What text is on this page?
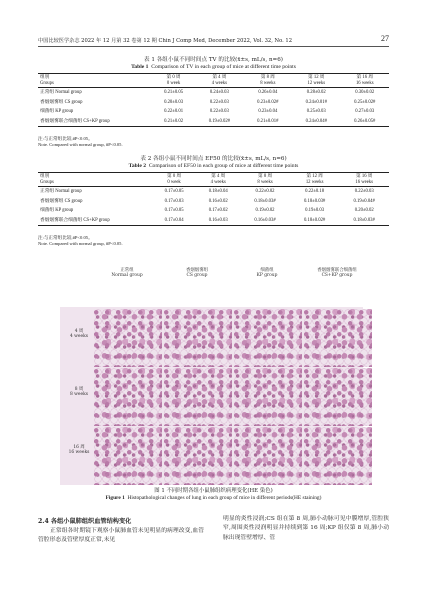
中国比较医学杂志 2022 年 12 月第 32 卷第 12 期 Chin J Comp Med, December 2022, Vol. 32, No. 12	27
表 1 各组小鼠不同时间点 TV 的比较(x̄±s, mL/s, n=6)
Table 1 Comparison of TV in each group of mice at different time points
组别	第 0 周	第 4 周	第 8 周	第 12 周	第 16 周
Groups	0 week	4 weeks	8 weeks	12 weeks	16 weeks
正常组 Normal group	0.21±0.05	0.24±0.03	0.26±0.04	0.28±0.02	0.30±0.02
香烟烟雾组 CS group	0.20±0.03	0.22±0.03	0.23±0.02#	0.24±0.01#	0.25±0.02#
细菌组 KP group	0.22±0.01	0.22±0.03	0.23±0.04	0.25±0.03	0.27±0.03
香烟烟雾联合细菌组 CS+KP group	0.21±0.02	0.19±0.02#	0.21±0.01#	0.24±0.04#	0.26±0.05#
注:与正常组比较,#P<0.05。
Note. Compared with normal group, #P<0.05.
表 2 各组小鼠不同时间点 EF50 的比较(x̄±s, mL/s, n=6)
Table 2 Comparison of EF50 in each group of mice at different time points
组别	第 0 周	第 4 周	第 8 周	第 12 周	第 16 周
Groups	0 week	4 weeks	8 weeks	12 weeks	16 weeks
正常组 Normal group	0.17±0.05	0.18±0.04	0.22±0.02	0.22±0.18	0.22±0.03
香烟烟雾组 CS group	0.17±0.03	0.16±0.02	0.18±0.03#	0.18±0.03#	0.19±0.04#
细菌组 KP group	0.17±0.05	0.17±0.02	0.19±0.02	0.19±0.03	0.20±0.02
香烟烟雾联合细菌组 CS+KP group	0.17±0.04	0.16±0.03	0.16±0.03#	0.18±0.02#	0.18±0.03#
注:与正常组比较,#P<0.05。
Note. Compared with normal group, #P<0.05.
正常组
Normal group
香烟烟雾组
CS group
细菌组
KP group
香烟烟雾联合细菌组
CS+KP group
4 周
4 weeks
8 周
8 weeks
16 周
16 weeks
图 1 不同时期各组小鼠肺组织病理变化(HE 染色)
Figure 1 Histopathological changes of lung in each group of mice in different periods(HE staining)
2.4 各组小鼠肺组织血管结构变化
正常组各时期镜下观察小鼠肺血管未见明显的病理改变,血管管腔形态及管壁厚度正常,未见
明显的炎性浸润;CS 组在第 8 周,肺小动脉可见中膜增厚,管腔狭窄,周围炎性浸润明显并持续到第 16 周;KP 组仅第 8 周,肺小动脉出现管壁增厚、管
